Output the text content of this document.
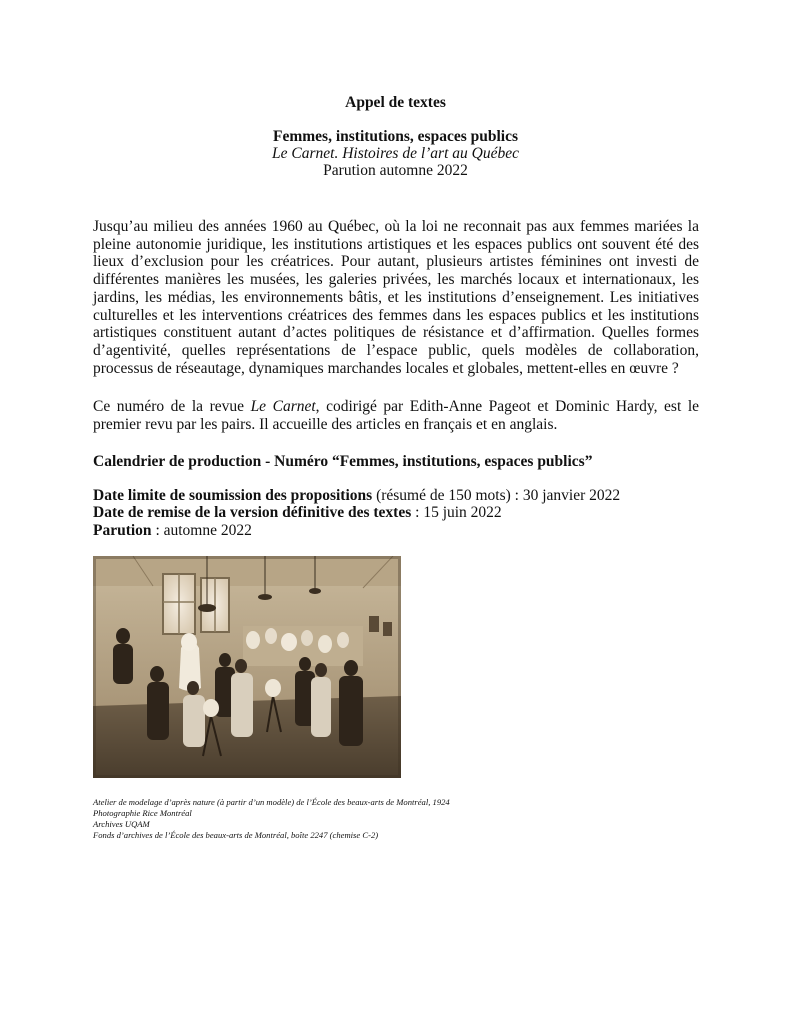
Appel de textes
Femmes, institutions, espaces publics
Le Carnet. Histoires de l’art au Québec
Parution automne 2022

Jusqu’au milieu des années 1960 au Québec, où la loi ne reconnait pas aux femmes mariées la pleine autonomie juridique, les institutions artistiques et les espaces publics ont souvent été des lieux d’exclusion pour les créatrices. Pour autant, plusieurs artistes féminines ont investi de différentes manières les musées, les galeries privées, les marchés locaux et internationaux, les jardins, les médias, les environnements bâtis, et les institutions d’enseignement. Les initiatives culturelles et les interventions créatrices des femmes dans les espaces publics et les institutions artistiques constituent autant d’actes politiques de résistance et d’affirmation. Quelles formes d’agentivité, quelles représentations de l’espace public, quels modèles de collaboration, processus de réseautage, dynamiques marchandes locales et globales, mettent-elles en œuvre ?

Ce numéro de la revue Le Carnet, codirigé par Edith-Anne Pageot et Dominic Hardy, est le premier revu par les pairs. Il accueille des articles en français et en anglais.

Calendrier de production - Numéro “Femmes, institutions, espaces publics”
Date limite de soumission des propositions (résumé de 150 mots) : 30 janvier 2022
Date de remise de la version définitive des textes : 15 juin 2022
Parution : automne 2022
Atelier de modelage d’après nature (à partir d’un modèle) de l’École des beaux-arts de Montréal, 1924
Photographie Rice Montréal
Archives UQAM
Fonds d’archives de l’École des beaux-arts de Montréal, boîte 2247 (chemise C-2)
